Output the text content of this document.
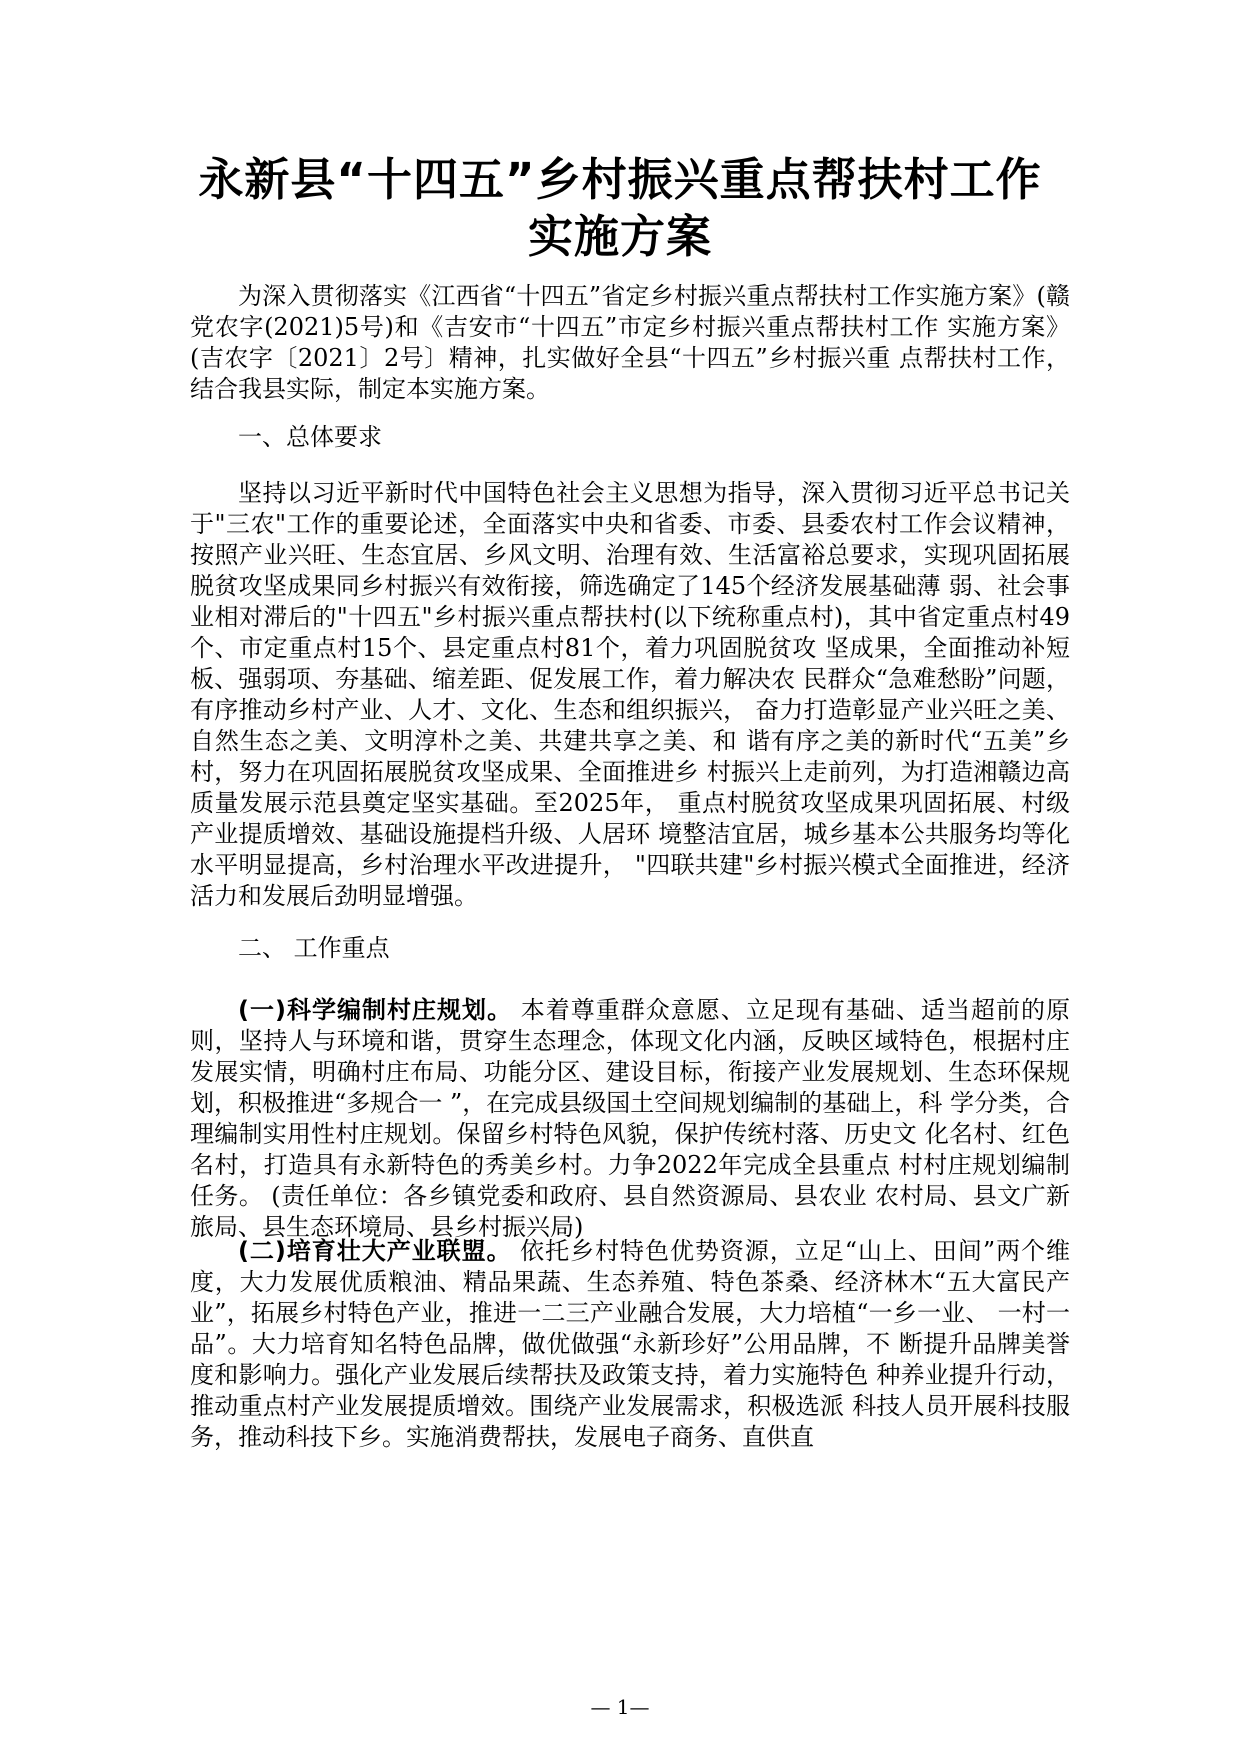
永新县“十四五”乡村振兴重点帮扶村工作
实施方案

为深入贯彻落实《江西省“十四五”省定乡村振兴重点帮扶村工作实施方案》(赣党农字(2021)5号)和《吉安市“十四五”市定乡村振兴重点帮扶村工作 实施方案》 (吉农字〔2021〕2号〕精神，扎实做好全县“十四五”乡村振兴重 点帮扶村工作，结合我县实际，制定本实施方案。

一、总体要求

坚持以习近平新时代中国特色社会主义思想为指导，深入贯彻习近平总书记关于"三农"工作的重要论述，全面落实中央和省委、市委、县委农村工作会议精神，按照产业兴旺、生态宜居、乡风文明、治理有效、生活富裕总要求，实现巩固拓展脱贫攻坚成果同乡村振兴有效衔接，筛选确定了145个经济发展基础薄 弱、社会事业相对滞后的"十四五"乡村振兴重点帮扶村(以下统称重点村)，其中省定重点村49个、市定重点村15个、县定重点村81个，着力巩固脱贫攻 坚成果，全面推动补短板、强弱项、夯基础、缩差距、促发展工作，着力解决农 民群众“急难愁盼”问题，有序推动乡村产业、人才、文化、生态和组织振兴， 奋力打造彰显产业兴旺之美、自然生态之美、文明淳朴之美、共建共享之美、和 谐有序之美的新时代“五美”乡村，努力在巩固拓展脱贫攻坚成果、全面推进乡 村振兴上走前列，为打造湘赣边高质量发展示范县奠定坚实基础。至2025年， 重点村脱贫攻坚成果巩固拓展、村级产业提质增效、基础设施提档升级、人居环 境整洁宜居，城乡基本公共服务均等化水平明显提高，乡村治理水平改进提升， "四联共建"乡村振兴模式全面推进，经济活力和发展后劲明显增强。

二、 工作重点

(一)科学编制村庄规划。 本着尊重群众意愿、立足现有基础、适当超前的原则，坚持人与环境和谐，贯穿生态理念，体现文化内涵，反映区域特色，根据村庄发展实情，明确村庄布局、功能分区、建设目标，衔接产业发展规划、生态环保规划，积极推进“多规合一 ”，在完成县级国土空间规划编制的基础上，科 学分类，合理编制实用性村庄规划。保留乡村特色风貌，保护传统村落、历史文 化名村、红色名村，打造具有永新特色的秀美乡村。力争2022年完成全县重点 村村庄规划编制任务。 (责任单位：各乡镇党委和政府、县自然资源局、县农业 农村局、县文广新旅局、县生态环境局、县乡村振兴局)

(二)培育壮大产业联盟。 依托乡村特色优势资源，立足“山上、田间”两个维度，大力发展优质粮油、精品果蔬、生态养殖、特色茶桑、经济林木“五大富民产业”，拓展乡村特色产业，推进一二三产业融合发展，大力培植“一乡一业、 一村一品”。大力培育知名特色品牌，做优做强“永新珍好”公用品牌，不 断提升品牌美誉度和影响力。强化产业发展后续帮扶及政策支持，着力实施特色 种养业提升行动，推动重点村产业发展提质增效。围绕产业发展需求，积极选派 科技人员开展科技服务，推动科技下乡。实施消费帮扶，发展电子商务、直供直

— 1—
